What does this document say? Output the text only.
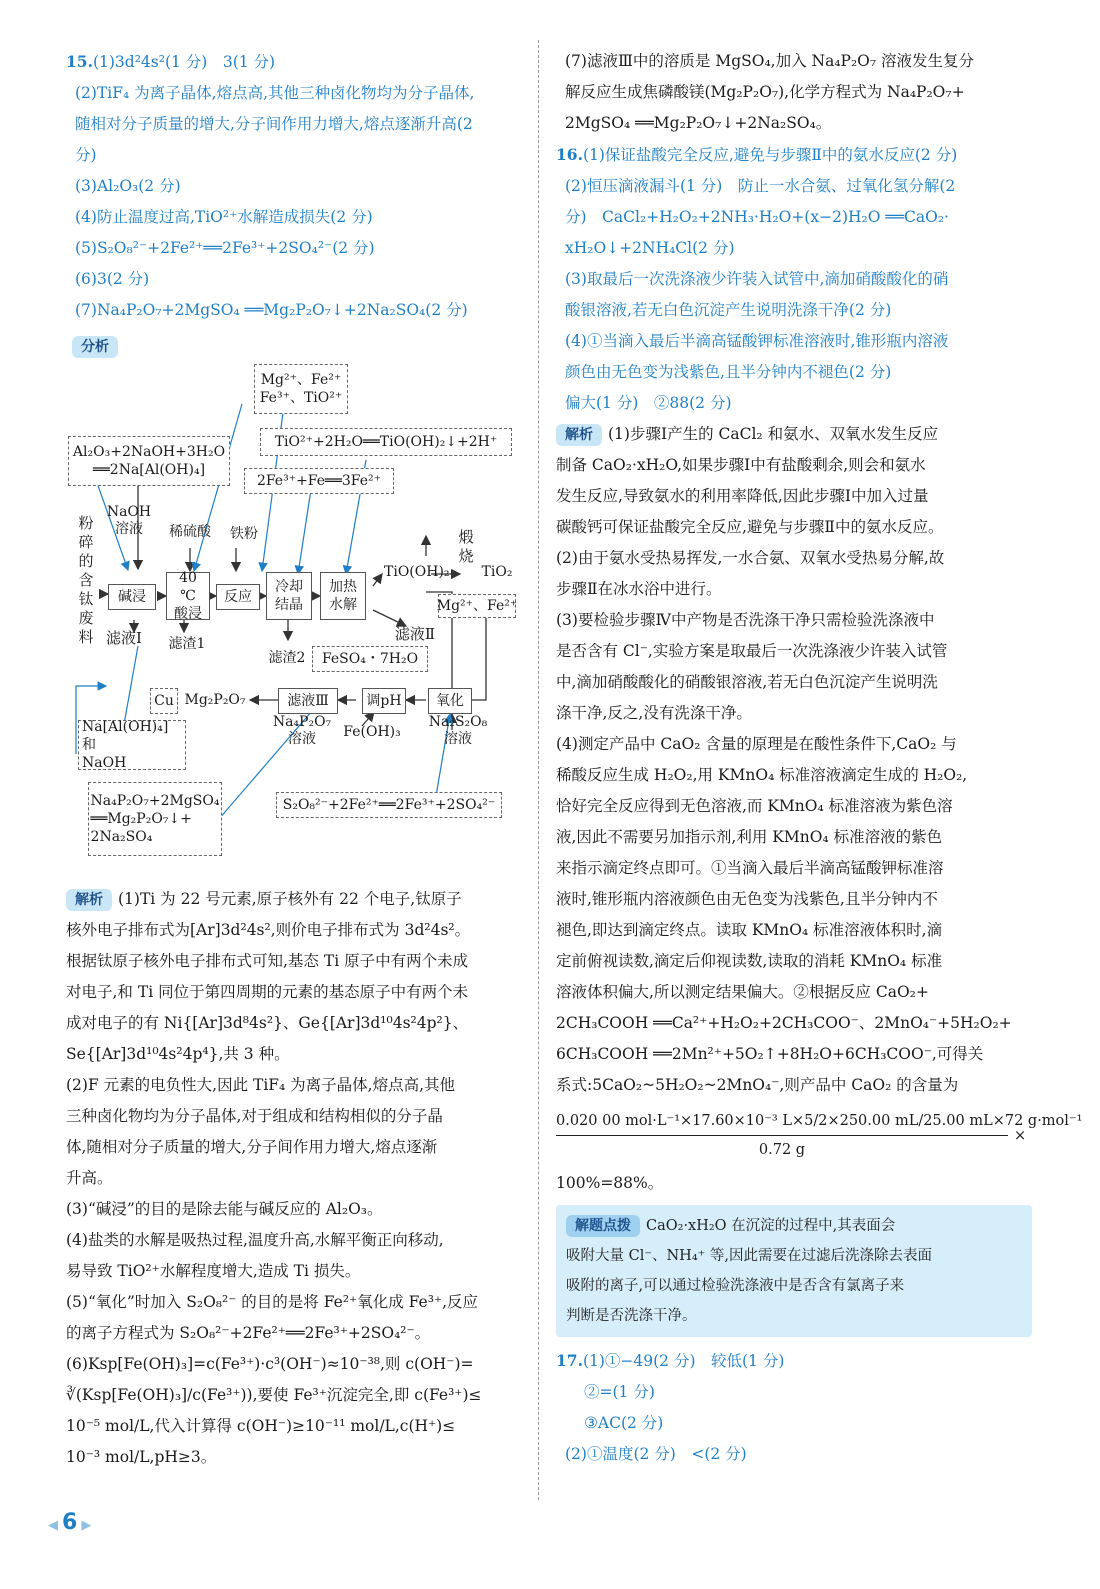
15.(1)3d²4s²(1 分)　3(1 分)
(2)TiF₄ 为离子晶体,熔点高,其他三种卤化物均为分子晶体,
随相对分子质量的增大,分子间作用力增大,熔点逐渐升高(2
分)
(3)Al₂O₃(2 分)
(4)防止温度过高,TiO²⁺水解造成损失(2 分)
(5)S₂O₈²⁻+2Fe²⁺══2Fe³⁺+2SO₄²⁻(2 分)
(6)3(2 分)
(7)Na₄P₂O₇+2MgSO₄ ══Mg₂P₂O₇↓+2Na₂SO₄(2 分)
分析
Mg²⁺、Fe²⁺
Fe³⁺、TiO²⁺
TiO²⁺+2H₂O══TiO(OH)₂↓+2H⁺
2Fe³⁺+Fe══3Fe²⁺
Al₂O₃+2NaOH+3H₂O
══2Na[Al(OH)₄]
粉碎的含钛废料
NaOH
溶液	稀硫酸	铁粉
碱浸
40 ℃
酸浸
反应
冷却
结晶
加热
水解
TiO(OH)₂
煅烧
TiO₂
滤液Ⅰ	滤渣1
滤渣2	FeSO₄・7H₂O
滤液Ⅱ
Mg²⁺、Fe²⁺
Cu Mg₂P₂O₇	滤液Ⅲ	调pH 氧化
Na[Al(OH)₄]和
NaOH
Na₄P₂O₇
溶液	Fe(OH)₃
Na₂S₂O₈
溶液
Na₄P₂O₇+2MgSO₄
══Mg₂P₂O₇↓+
2Na₂SO₄
S₂O₈²⁻+2Fe²⁺══2Fe³⁺+2SO₄²⁻
解析 (1)Ti 为 22 号元素,原子核外有 22 个电子,钛原子
核外电子排布式为[Ar]3d²4s²,则价电子排布式为 3d²4s²。
根据钛原子核外电子排布式可知,基态 Ti 原子中有两个未成
对电子,和 Ti 同位于第四周期的元素的基态原子中有两个未
成对电子的有 Ni{[Ar]3d⁸4s²}、Ge{[Ar]3d¹⁰4s²4p²}、
Se{[Ar]3d¹⁰4s²4p⁴},共 3 种。
(2)F 元素的电负性大,因此 TiF₄ 为离子晶体,熔点高,其他
三种卤化物均为分子晶体,对于组成和结构相似的分子晶
体,随相对分子质量的增大,分子间作用力增大,熔点逐渐
升高。
(3)“碱浸”的目的是除去能与碱反应的 Al₂O₃。
(4)盐类的水解是吸热过程,温度升高,水解平衡正向移动,
易导致 TiO²⁺水解程度增大,造成 Ti 损失。
(5)“氧化”时加入 S₂O₈²⁻ 的目的是将 Fe²⁺氧化成 Fe³⁺,反应
的离子方程式为 S₂O₈²⁻+2Fe²⁺══2Fe³⁺+2SO₄²⁻。
(6)Ksp[Fe(OH)₃]=c(Fe³⁺)·c³(OH⁻)≈10⁻³⁸,则 c(OH⁻)=
∛(Ksp[Fe(OH)₃]/c(Fe³⁺)),要使 Fe³⁺沉淀完全,即 c(Fe³⁺)≤
10⁻⁵ mol/L,代入计算得 c(OH⁻)≥10⁻¹¹ mol/L,c(H⁺)≤
10⁻³ mol/L,pH≥3。
(7)滤液Ⅲ中的溶质是 MgSO₄,加入 Na₄P₂O₇ 溶液发生复分
解反应生成焦磷酸镁(Mg₂P₂O₇),化学方程式为 Na₄P₂O₇+
2MgSO₄ ══Mg₂P₂O₇↓+2Na₂SO₄。
16.(1)保证盐酸完全反应,避免与步骤Ⅱ中的氨水反应(2 分)
(2)恒压滴液漏斗(1 分)　防止一水合氨、过氧化氢分解(2
分)　CaCl₂+H₂O₂+2NH₃·H₂O+(x−2)H₂O ══CaO₂·
xH₂O↓+2NH₄Cl(2 分)
(3)取最后一次洗涤液少许装入试管中,滴加硝酸酸化的硝
酸银溶液,若无白色沉淀产生说明洗涤干净(2 分)
(4)①当滴入最后半滴高锰酸钾标准溶液时,锥形瓶内溶液
颜色由无色变为浅紫色,且半分钟内不褪色(2 分)
偏大(1 分)　②88(2 分)
解析 (1)步骤Ⅰ产生的 CaCl₂ 和氨水、双氧水发生反应
制备 CaO₂·xH₂O,如果步骤Ⅰ中有盐酸剩余,则会和氨水
发生反应,导致氨水的利用率降低,因此步骤Ⅰ中加入过量
碳酸钙可保证盐酸完全反应,避免与步骤Ⅱ中的氨水反应。
(2)由于氨水受热易挥发,一水合氨、双氧水受热易分解,故
步骤Ⅱ在冰水浴中进行。
(3)要检验步骤Ⅳ中产物是否洗涤干净只需检验洗涤液中
是否含有 Cl⁻,实验方案是取最后一次洗涤液少许装入试管
中,滴加硝酸酸化的硝酸银溶液,若无白色沉淀产生说明洗
涤干净,反之,没有洗涤干净。
(4)测定产品中 CaO₂ 含量的原理是在酸性条件下,CaO₂ 与
稀酸反应生成 H₂O₂,用 KMnO₄ 标准溶液滴定生成的 H₂O₂,
恰好完全反应得到无色溶液,而 KMnO₄ 标准溶液为紫色溶
液,因此不需要另加指示剂,利用 KMnO₄ 标准溶液的紫色
来指示滴定终点即可。①当滴入最后半滴高锰酸钾标准溶
液时,锥形瓶内溶液颜色由无色变为浅紫色,且半分钟内不
褪色,即达到滴定终点。读取 KMnO₄ 标准溶液体积时,滴
定前俯视读数,滴定后仰视读数,读取的消耗 KMnO₄ 标准
溶液体积偏大,所以测定结果偏大。②根据反应 CaO₂+
2CH₃COOH ══Ca²⁺+H₂O₂+2CH₃COO⁻、2MnO₄⁻+5H₂O₂+
6CH₃COOH ══2Mn²⁺+5O₂↑+8H₂O+6CH₃COO⁻,可得关
系式:5CaO₂~5H₂O₂~2MnO₄⁻,则产品中 CaO₂ 的含量为
0.020 00 mol·L⁻¹×17.60×10⁻³ L×5/2×250.00 mL/25.00 mL×72 g·mol⁻¹
0.72 g
×
100%=88%。
解题点拨 CaO₂·xH₂O 在沉淀的过程中,其表面会
吸附大量 Cl⁻、NH₄⁺ 等,因此需要在过滤后洗涤除去表面
吸附的离子,可以通过检验洗涤液中是否含有氯离子来
判断是否洗涤干净。
17.(1)①−49(2 分)　较低(1 分)
②=(1 分)
③AC(2 分)
(2)①温度(2 分)　<(2 分)
◀ 6 ▶
